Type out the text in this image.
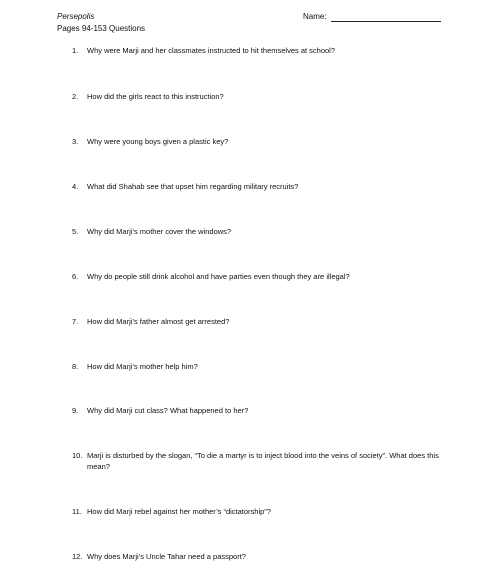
Persepolis
Pages 94-153 Questions
Name:
1.	Why were Marji and her classmates instructed to hit themselves at school?
2.	How did the girls react to this instruction?
3.	Why were young boys given a plastic key?
4.	What did Shahab see that upset him regarding military recruits?
5.	Why did Marji’s mother cover the windows?
6.	Why do people still drink alcohol and have parties even though they are illegal?
7.	How did Marji’s father almost get arrested?
8.	How did Marji’s mother help him?
9.	Why did Marji cut class? What happened to her?
10. Marji is disturbed by the slogan, “To die a martyr is to inject blood into the veins of society”. What does this mean?
11. How did Marji rebel against her mother’s “dictatorship”?
12. Why does Marji’s Uncle Tahar need a passport?
